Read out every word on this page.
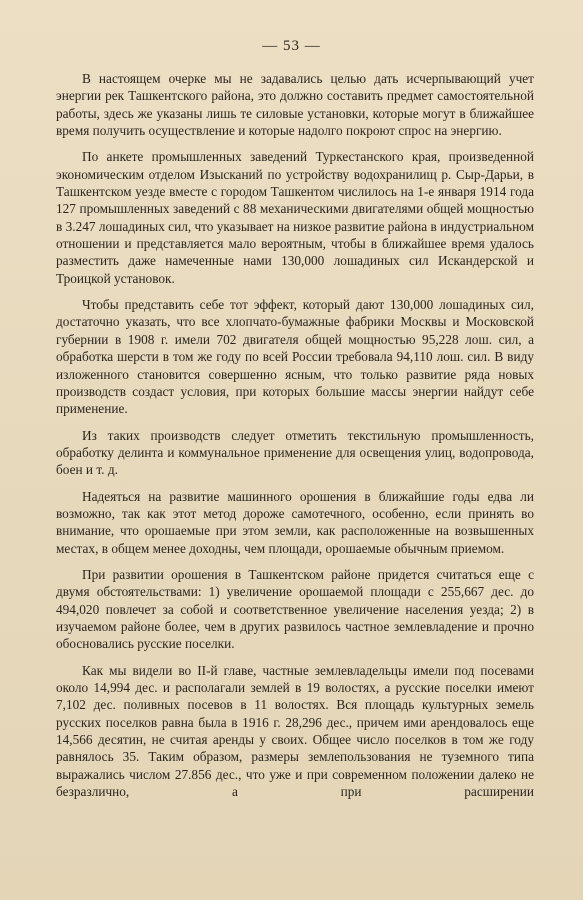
— 53 —

В настоящем очерке мы не задавались целью дать исчерпывающий учет энергии рек Ташкентского района, это должно составить предмет самостоятельной работы, здесь же указаны лишь те силовые установки, которые могут в ближайшее время получить осуществление и которые надолго покроют спрос на энергию.

По анкете промышленных заведений Туркестанского края, произведенной экономическим отделом Изысканий по устройству водохранилищ р. Сыр-Дарьи, в Ташкентском уезде вместе с городом Ташкентом числилось на 1-е января 1914 года 127 промышленных заведений с 88 механическими двигателями общей мощностью в 3.247 лошадиных сил, что указывает на низкое развитие района в индустриальном отношении и представляется мало вероятным, чтобы в ближайшее время удалось разместить даже намеченные нами 130,000 лошадиных сил Искандерской и Троицкой установок.

Чтобы представить себе тот эффект, который дают 130,000 лошадиных сил, достаточно указать, что все хлопчато-бумажные фабрики Москвы и Московской губернии в 1908 г. имели 702 двигателя общей мощностью 95,228 лош. сил, а обработка шерсти в том же году по всей России требовала 94,110 лош. сил. В виду изложенного становится совершенно ясным, что только развитие ряда новых производств создаст условия, при которых большие массы энергии найдут себе применение.

Из таких производств следует отметить текстильную промышленность, обработку делинта и коммунальное применение для освещения улиц, водопровода, боен и т. д.

Надеяться на развитие машинного орошения в ближайшие годы едва ли возможно, так как этот метод дороже самотечного, особенно, если принять во внимание, что орошаемые при этом земли, как расположенные на возвышенных местах, в общем менее доходны, чем площади, орошаемые обычным приемом.

При развитии орошения в Ташкентском районе придется считаться еще с двумя обстоятельствами: 1) увеличение орошаемой площади с 255,667 дес. до 494,020 повлечет за собой и соответственное увеличение населения уезда; 2) в изучаемом районе более, чем в других развилось частное землевладение и прочно обосновались русские поселки.

Как мы видели во II-й главе, частные землевладельцы имели под посевами около 14,994 дес. и располагали землей в 19 волостях, а русские поселки имеют 7,102 дес. поливных посевов в 11 волостях. Вся площадь культурных земель русских поселков равна была в 1916 г. 28,296 дес., причем ими арендовалось еще 14,566 десятин, не считая аренды у своих. Общее число поселков в том же году равнялось 35. Таким образом, размеры землепользования не туземного типа выражались числом 27.856 дес., что уже и при современном положении далеко не безразлично, а при расширении
